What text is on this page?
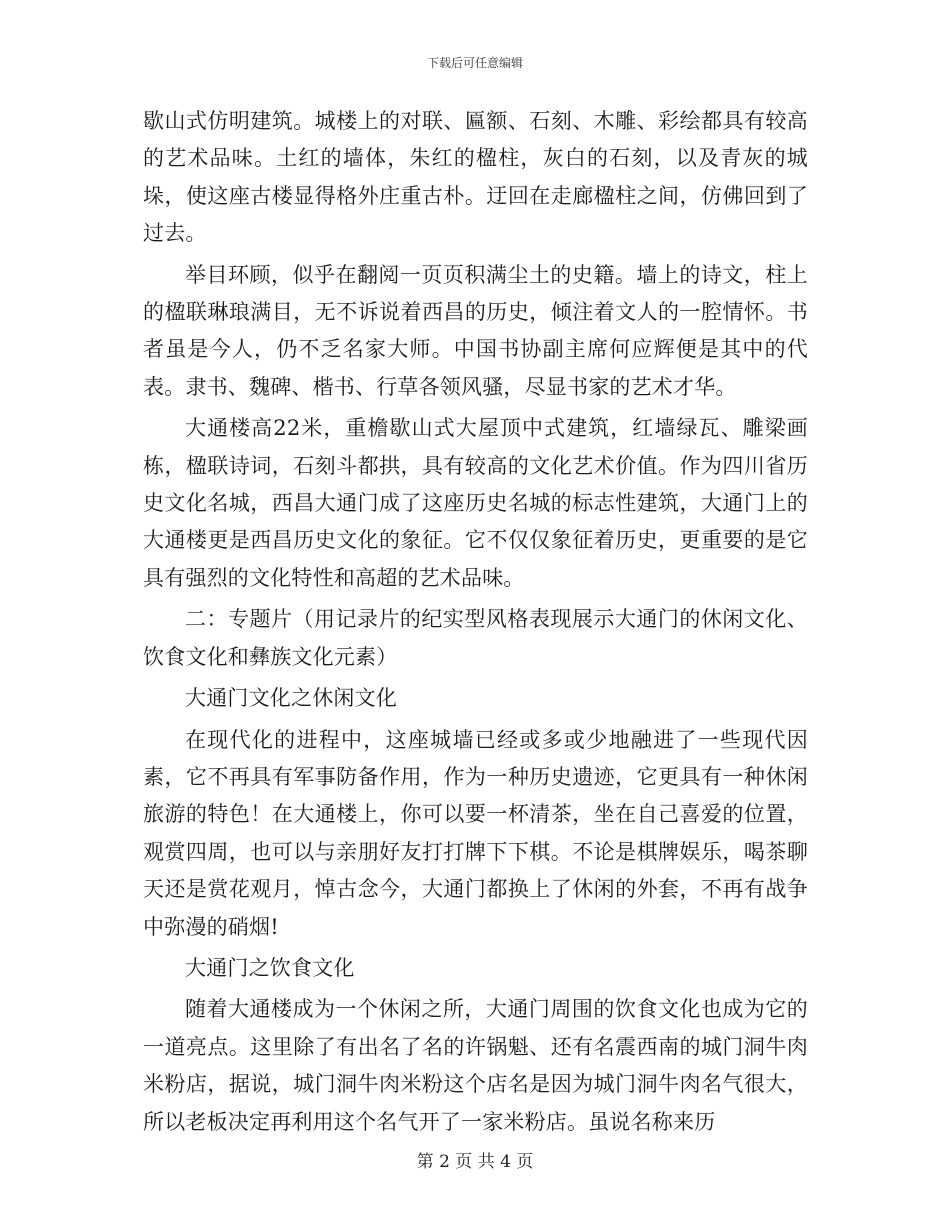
下载后可任意编辑

歇山式仿明建筑。城楼上的对联、匾额、石刻、木雕、彩绘都具有较高的艺术品味。土红的墙体，朱红的楹柱，灰白的石刻，以及青灰的城垛，使这座古楼显得格外庄重古朴。迂回在走廊楹柱之间，仿佛回到了过去。

举目环顾，似乎在翻阅一页页积满尘土的史籍。墙上的诗文，柱上的楹联琳琅满目，无不诉说着西昌的历史，倾注着文人的一腔情怀。书者虽是今人，仍不乏名家大师。中国书协副主席何应辉便是其中的代表。隶书、魏碑、楷书、行草各领风骚，尽显书家的艺术才华。

大通楼高22米，重檐歇山式大屋顶中式建筑，红墙绿瓦、雕梁画栋，楹联诗词，石刻斗都拱，具有较高的文化艺术价值。作为四川省历史文化名城，西昌大通门成了这座历史名城的标志性建筑，大通门上的大通楼更是西昌历史文化的象征。它不仅仅象征着历史，更重要的是它具有强烈的文化特性和高超的艺术品味。

二：专题片（用记录片的纪实型风格表现展示大通门的休闲文化、饮食文化和彝族文化元素）

大通门文化之休闲文化

在现代化的进程中，这座城墙已经或多或少地融进了一些现代因素，它不再具有军事防备作用，作为一种历史遗迹，它更具有一种休闲旅游的特色！在大通楼上，你可以要一杯清茶，坐在自己喜爱的位置，观赏四周，也可以与亲朋好友打打牌下下棋。不论是棋牌娱乐，喝茶聊天还是赏花观月，悼古念今，大通门都换上了休闲的外套，不再有战争中弥漫的硝烟!

大通门之饮食文化

随着大通楼成为一个休闲之所，大通门周围的饮食文化也成为它的一道亮点。这里除了有出名了名的许锅魁、还有名震西南的城门洞牛肉米粉店，据说，城门洞牛肉米粉这个店名是因为城门洞牛肉名气很大，所以老板决定再利用这个名气开了一家米粉店。虽说名称来历

第 2 页 共 4 页
